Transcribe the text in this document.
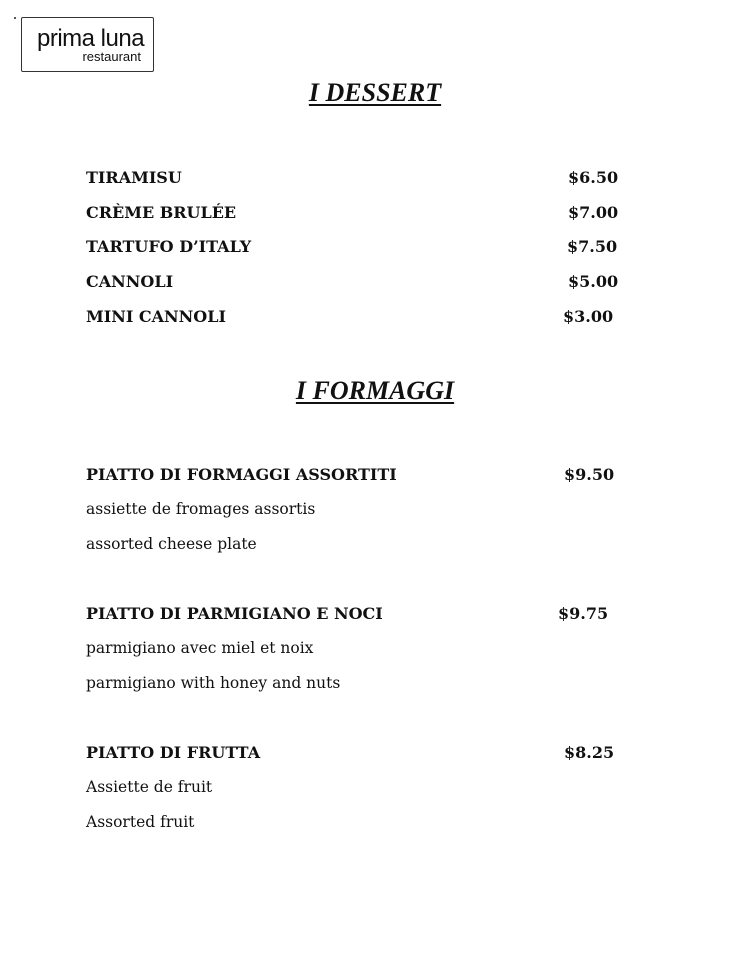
prima luna
restaurant
I DESSERT
TIRAMISU	$6.50
CRÈME BRULÉE	$7.00
TARTUFO D’ITALY	$7.50
CANNOLI	$5.00
MINI CANNOLI	$3.00
I FORMAGGI
PIATTO DI FORMAGGI ASSORTITI	$9.50
assiette de fromages assortis
assorted cheese plate
PIATTO DI PARMIGIANO E NOCI	$9.75
parmigiano avec miel et noix
parmigiano with honey and nuts
PIATTO DI FRUTTA	$8.25
Assiette de fruit
Assorted fruit
